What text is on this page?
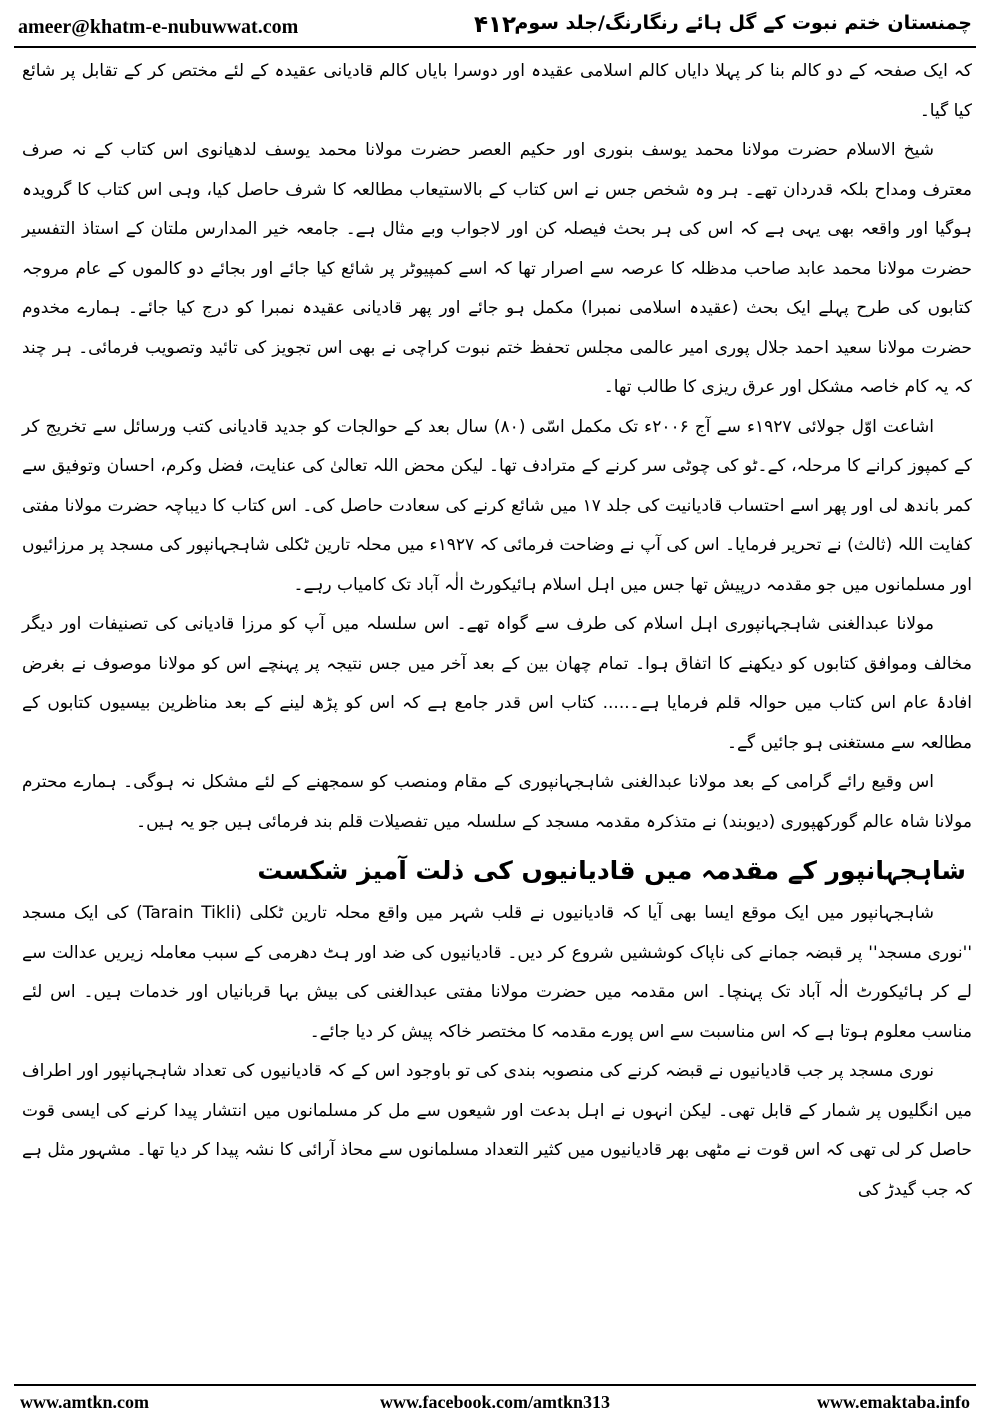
ameer@khatm-e-nubuwwat.com	۴۱۲
چمنستان ختم نبوت کے گل ہائے رنگارنگ/جلد سوم

کہ ایک صفحہ کے دو کالم بنا کر پہلا دایاں کالم اسلامی عقیدہ اور دوسرا بایاں کالم قادیانی عقیدہ کے لئے مختص کر کے تقابل پر شائع کیا گیا۔

شیخ الاسلام حضرت مولانا محمد یوسف بنوری اور حکیم العصر حضرت مولانا محمد یوسف لدھیانوی اس کتاب کے نہ صرف معترف ومداح بلکہ قدردان تھے۔ ہر وہ شخص جس نے اس کتاب کے بالاستیعاب مطالعہ کا شرف حاصل کیا، وہی اس کتاب کا گرویدہ ہوگیا اور واقعہ بھی یہی ہے کہ اس کی ہر بحث فیصلہ کن اور لاجواب وبے مثال ہے۔ جامعہ خیر المدارس ملتان کے استاذ التفسیر حضرت مولانا محمد عابد صاحب مدظلہ کا عرصہ سے اصرار تھا کہ اسے کمپیوٹر پر شائع کیا جائے اور بجائے دو کالموں کے عام مروجہ کتابوں کی طرح پہلے ایک بحث (عقیدہ اسلامی نمبرا) مکمل ہو جائے اور پھر قادیانی عقیدہ نمبرا کو درج کیا جائے۔ ہمارے مخدوم حضرت مولانا سعید احمد جلال پوری امیر عالمی مجلس تحفظ ختم نبوت کراچی نے بھی اس تجویز کی تائید وتصویب فرمائی۔ ہر چند کہ یہ کام خاصہ مشکل اور عرق ریزی کا طالب تھا۔

اشاعت اوّل جولائی ۱۹۲۷ء سے آج ۲۰۰۶ء تک مکمل اسّی (۸۰) سال بعد کے حوالجات کو جدید قادیانی کتب ورسائل سے تخریج کر کے کمپوز کرانے کا مرحلہ، کے۔ٹو کی چوٹی سر کرنے کے مترادف تھا۔ لیکن محض اللہ تعالیٰ کی عنایت، فضل وکرم، احسان وتوفیق سے کمر باندھ لی اور پھر اسے احتساب قادیانیت کی جلد ۱۷ میں شائع کرنے کی سعادت حاصل کی۔ اس کتاب کا دیباچہ حضرت مولانا مفتی کفایت اللہ (ثالث) نے تحریر فرمایا۔ اس کی آپ نے وضاحت فرمائی کہ ۱۹۲۷ء میں محلہ تارین ٹکلی شاہجہانپور کی مسجد پر مرزائیوں اور مسلمانوں میں جو مقدمہ درپیش تھا جس میں اہل اسلام ہائیکورٹ الٰہ آباد تک کامیاب رہے۔

مولانا عبدالغنی شاہجہانپوری اہل اسلام کی طرف سے گواہ تھے۔ اس سلسلہ میں آپ کو مرزا قادیانی کی تصنیفات اور دیگر مخالف وموافق کتابوں کو دیکھنے کا اتفاق ہوا۔ تمام چھان بین کے بعد آخر میں جس نتیجہ پر پہنچے اس کو مولانا موصوف نے بغرض افادۂ عام اس کتاب میں حوالہ قلم فرمایا ہے۔..... کتاب اس قدر جامع ہے کہ اس کو پڑھ لینے کے بعد مناظرین بیسیوں کتابوں کے مطالعہ سے مستغنی ہو جائیں گے۔

اس وقیع رائے گرامی کے بعد مولانا عبدالغنی شاہجہانپوری کے مقام ومنصب کو سمجھنے کے لئے مشکل نہ ہوگی۔ ہمارے محترم مولانا شاہ عالم گورکھپوری (دیوبند) نے متذکرہ مقدمہ مسجد کے سلسلہ میں تفصیلات قلم بند فرمائی ہیں جو یہ ہیں۔

شاہجہانپور کے مقدمہ میں قادیانیوں کی ذلت آمیز شکست

شاہجہانپور میں ایک موقع ایسا بھی آیا کہ قادیانیوں نے قلب شہر میں واقع محلہ تارین ٹکلی (Tarain Tikli) کی ایک مسجد ''نوری مسجد'' پر قبضہ جمانے کی ناپاک کوششیں شروع کر دیں۔ قادیانیوں کی ضد اور ہٹ دھرمی کے سبب معاملہ زیریں عدالت سے لے کر ہائیکورٹ الٰہ آباد تک پہنچا۔ اس مقدمہ میں حضرت مولانا مفتی عبدالغنی کی بیش بہا قربانیاں اور خدمات ہیں۔ اس لئے مناسب معلوم ہوتا ہے کہ اس مناسبت سے اس پورے مقدمہ کا مختصر خاکہ پیش کر دیا جائے۔

نوری مسجد پر جب قادیانیوں نے قبضہ کرنے کی منصوبہ بندی کی تو باوجود اس کے کہ قادیانیوں کی تعداد شاہجہانپور اور اطراف میں انگلیوں پر شمار کے قابل تھی۔ لیکن انہوں نے اہل بدعت اور شیعوں سے مل کر مسلمانوں میں انتشار پیدا کرنے کی ایسی قوت حاصل کر لی تھی کہ اس قوت نے مٹھی بھر قادیانیوں میں کثیر التعداد مسلمانوں سے محاذ آرائی کا نشہ پیدا کر دیا تھا۔ مشہور مثل ہے کہ جب گیدڑ کی

www.amtkn.com	www.facebook.com/amtkn313	www.emaktaba.info
